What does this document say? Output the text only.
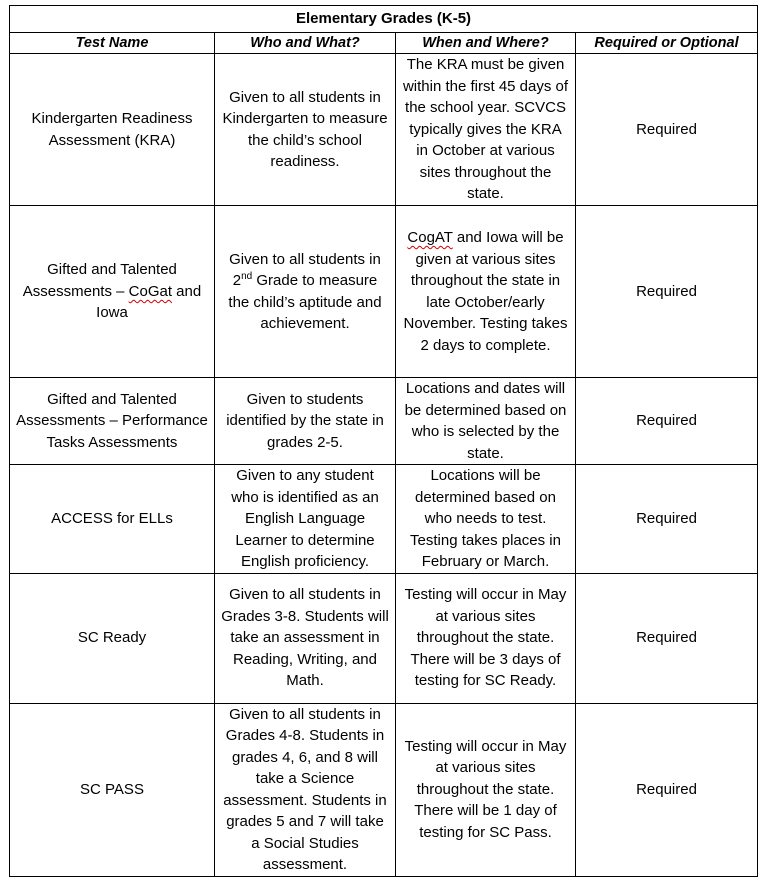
Elementary Grades (K-5)			
Test Name	Who and What?	When and Where?	Required or Optional
Kindergarten Readiness Assessment (KRA)	Given to all students in Kindergarten to measure the child’s school readiness.	The KRA must be given within the first 45 days of the school year. SCVCS typically gives the KRA in October at various sites throughout the state.	Required
Gifted and Talented Assessments – CoGat and Iowa	Given to all students in 2nd Grade to measure the child’s aptitude and achievement.	CogAT and Iowa will be given at various sites throughout the state in late October/early November. Testing takes 2 days to complete.	Required
Gifted and Talented Assessments – Performance Tasks Assessments	Given to students identified by the state in grades 2-5.	Locations and dates will be determined based on who is selected by the state.	Required
ACCESS for ELLs	Given to any student who is identified as an English Language Learner to determine English proficiency.	Locations will be determined based on who needs to test. Testing takes places in February or March.	Required
SC Ready	Given to all students in Grades 3-8. Students will take an assessment in Reading, Writing, and Math.	Testing will occur in May at various sites throughout the state. There will be 3 days of testing for SC Ready.	Required
SC PASS	Given to all students in Grades 4-8. Students in grades 4, 6, and 8 will take a Science assessment. Students in grades 5 and 7 will take a Social Studies assessment.	Testing will occur in May at various sites throughout the state. There will be 1 day of testing for SC Pass.	Required
